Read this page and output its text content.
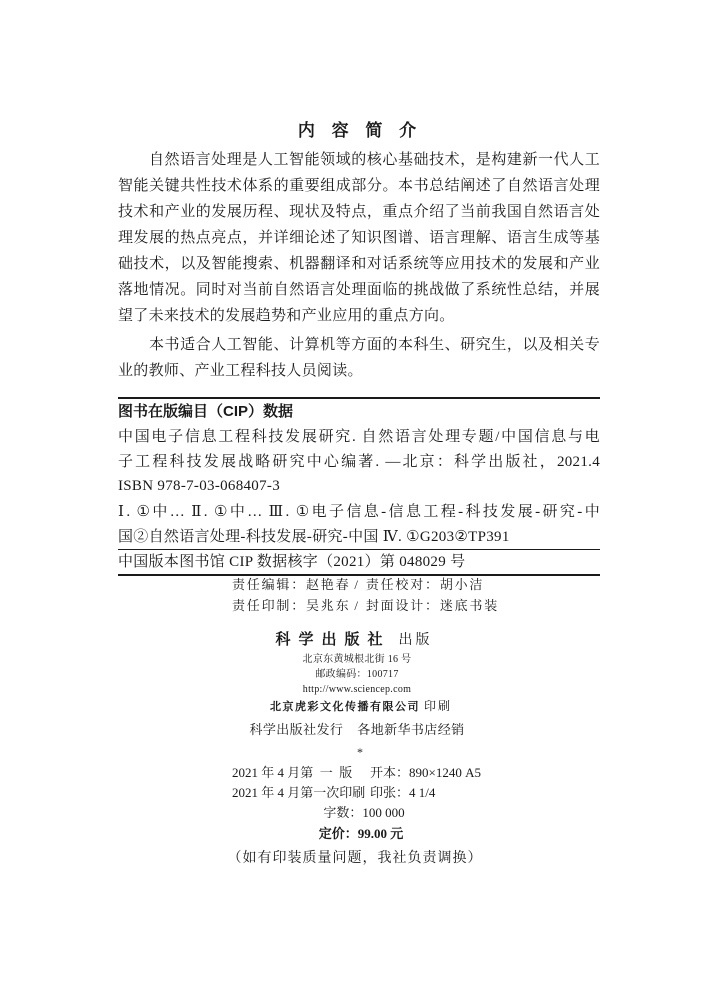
内 容 简 介
自然语言处理是人工智能领域的核心基础技术，是构建新一代人工
智能关键共性技术体系的重要组成部分。本书总结阐述了自然语言处理
技术和产业的发展历程、现状及特点，重点介绍了当前我国自然语言处
理发展的热点亮点，并详细论述了知识图谱、语言理解、语言生成等基
础技术，以及智能搜索、机器翻译和对话系统等应用技术的发展和产业
落地情况。同时对当前自然语言处理面临的挑战做了系统性总结，并展
望了未来技术的发展趋势和产业应用的重点方向。
本书适合人工智能、计算机等方面的本科生、研究生，以及相关专
业的教师、产业工程科技人员阅读。
图书在版编目（CIP）数据
中国电子信息工程科技发展研究. 自然语言处理专题/中国信息与电
子工程科技发展战略研究中心编著. —北京：科学出版社，2021.4
ISBN 978-7-03-068407-3
Ⅰ. ①中… Ⅱ. ①中… Ⅲ. ①电子信息-信息工程-科技发展-研究-中
国②自然语言处理-科技发展-研究-中国 Ⅳ. ①G203②TP391
中国版本图书馆 CIP 数据核字（2021）第 048029 号
责任编辑：赵艳春 / 责任校对：胡小洁
责任印制：吴兆东 / 封面设计：迷底书装
科学出版社 出版
北京东黄城根北街 16 号
邮政编码：100717
http://www.sciencep.com
北京虎彩文化传播有限公司 印刷
科学出版社发行 各地新华书店经销
*
2021 年 4 月第  一  版	开本：890×1240 A5
2021 年 4 月第一次印刷 印张：4 1/4
字数：100 000
定价：99.00 元
（如有印装质量问题，我社负责调换）
